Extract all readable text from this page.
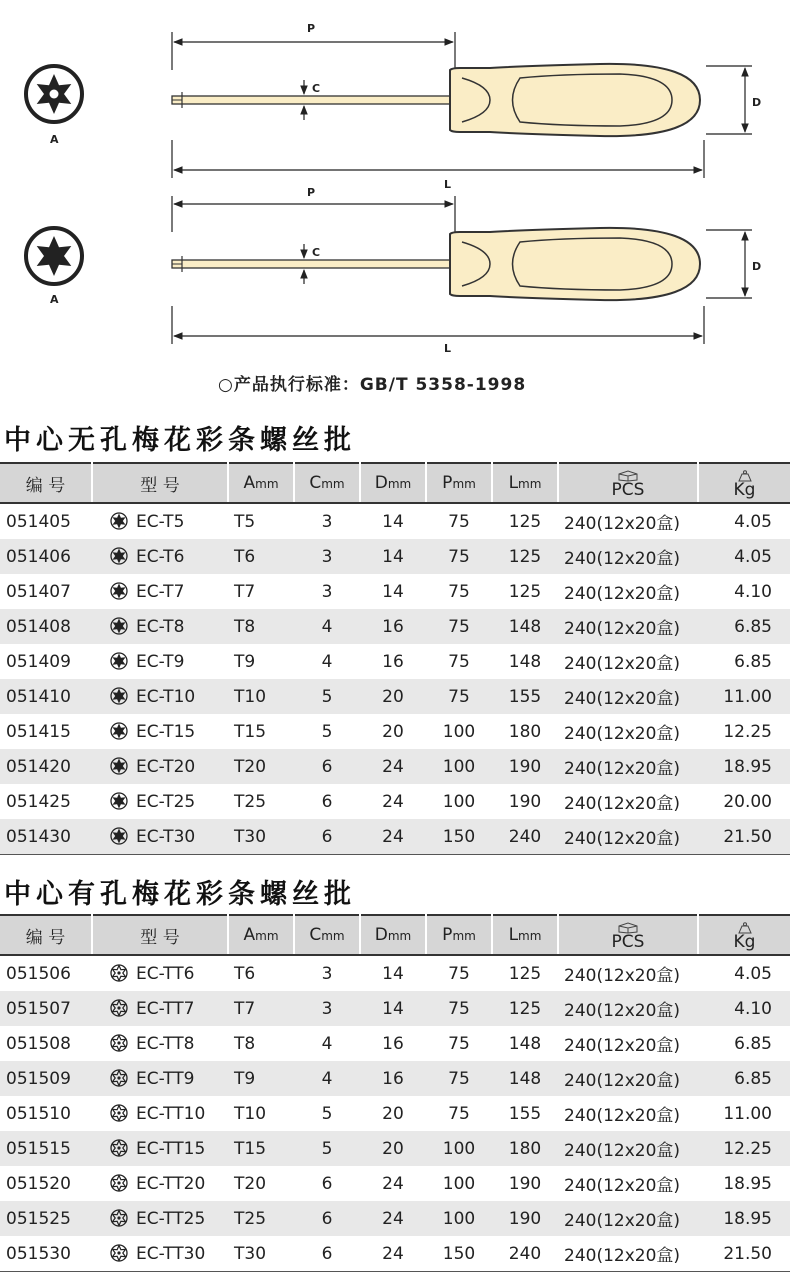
A
A
P
C
D
L
P
C
D
L
○产品执行标准：GB/T 5358-1998
中心无孔梅花彩条螺丝批
编 号	型 号	Amm	Cmm	Dmm	Pmm	Lmm	PCS	Kg
051405	EC-T5	T5	3	14	75	125	240(12x20盒)	4.05
051406	EC-T6	T6	3	14	75	125	240(12x20盒)	4.05
051407	EC-T7	T7	3	14	75	125	240(12x20盒)	4.10
051408	EC-T8	T8	4	16	75	148	240(12x20盒)	6.85
051409	EC-T9	T9	4	16	75	148	240(12x20盒)	6.85
051410	EC-T10	T10	5	20	75	155	240(12x20盒)	11.00
051415	EC-T15	T15	5	20	100	180	240(12x20盒)	12.25
051420	EC-T20	T20	6	24	100	190	240(12x20盒)	18.95
051425	EC-T25	T25	6	24	100	190	240(12x20盒)	20.00
051430	EC-T30	T30	6	24	150	240	240(12x20盒)	21.50
中心有孔梅花彩条螺丝批
编 号	型 号	Amm	Cmm	Dmm	Pmm	Lmm	PCS	Kg
051506	EC-TT6	T6	3	14	75	125	240(12x20盒)	4.05
051507	EC-TT7	T7	3	14	75	125	240(12x20盒)	4.10
051508	EC-TT8	T8	4	16	75	148	240(12x20盒)	6.85
051509	EC-TT9	T9	4	16	75	148	240(12x20盒)	6.85
051510	EC-TT10	T10	5	20	75	155	240(12x20盒)	11.00
051515	EC-TT15	T15	5	20	100	180	240(12x20盒)	12.25
051520	EC-TT20	T20	6	24	100	190	240(12x20盒)	18.95
051525	EC-TT25	T25	6	24	100	190	240(12x20盒)	18.95
051530	EC-TT30	T30	6	24	150	240	240(12x20盒)	21.50
